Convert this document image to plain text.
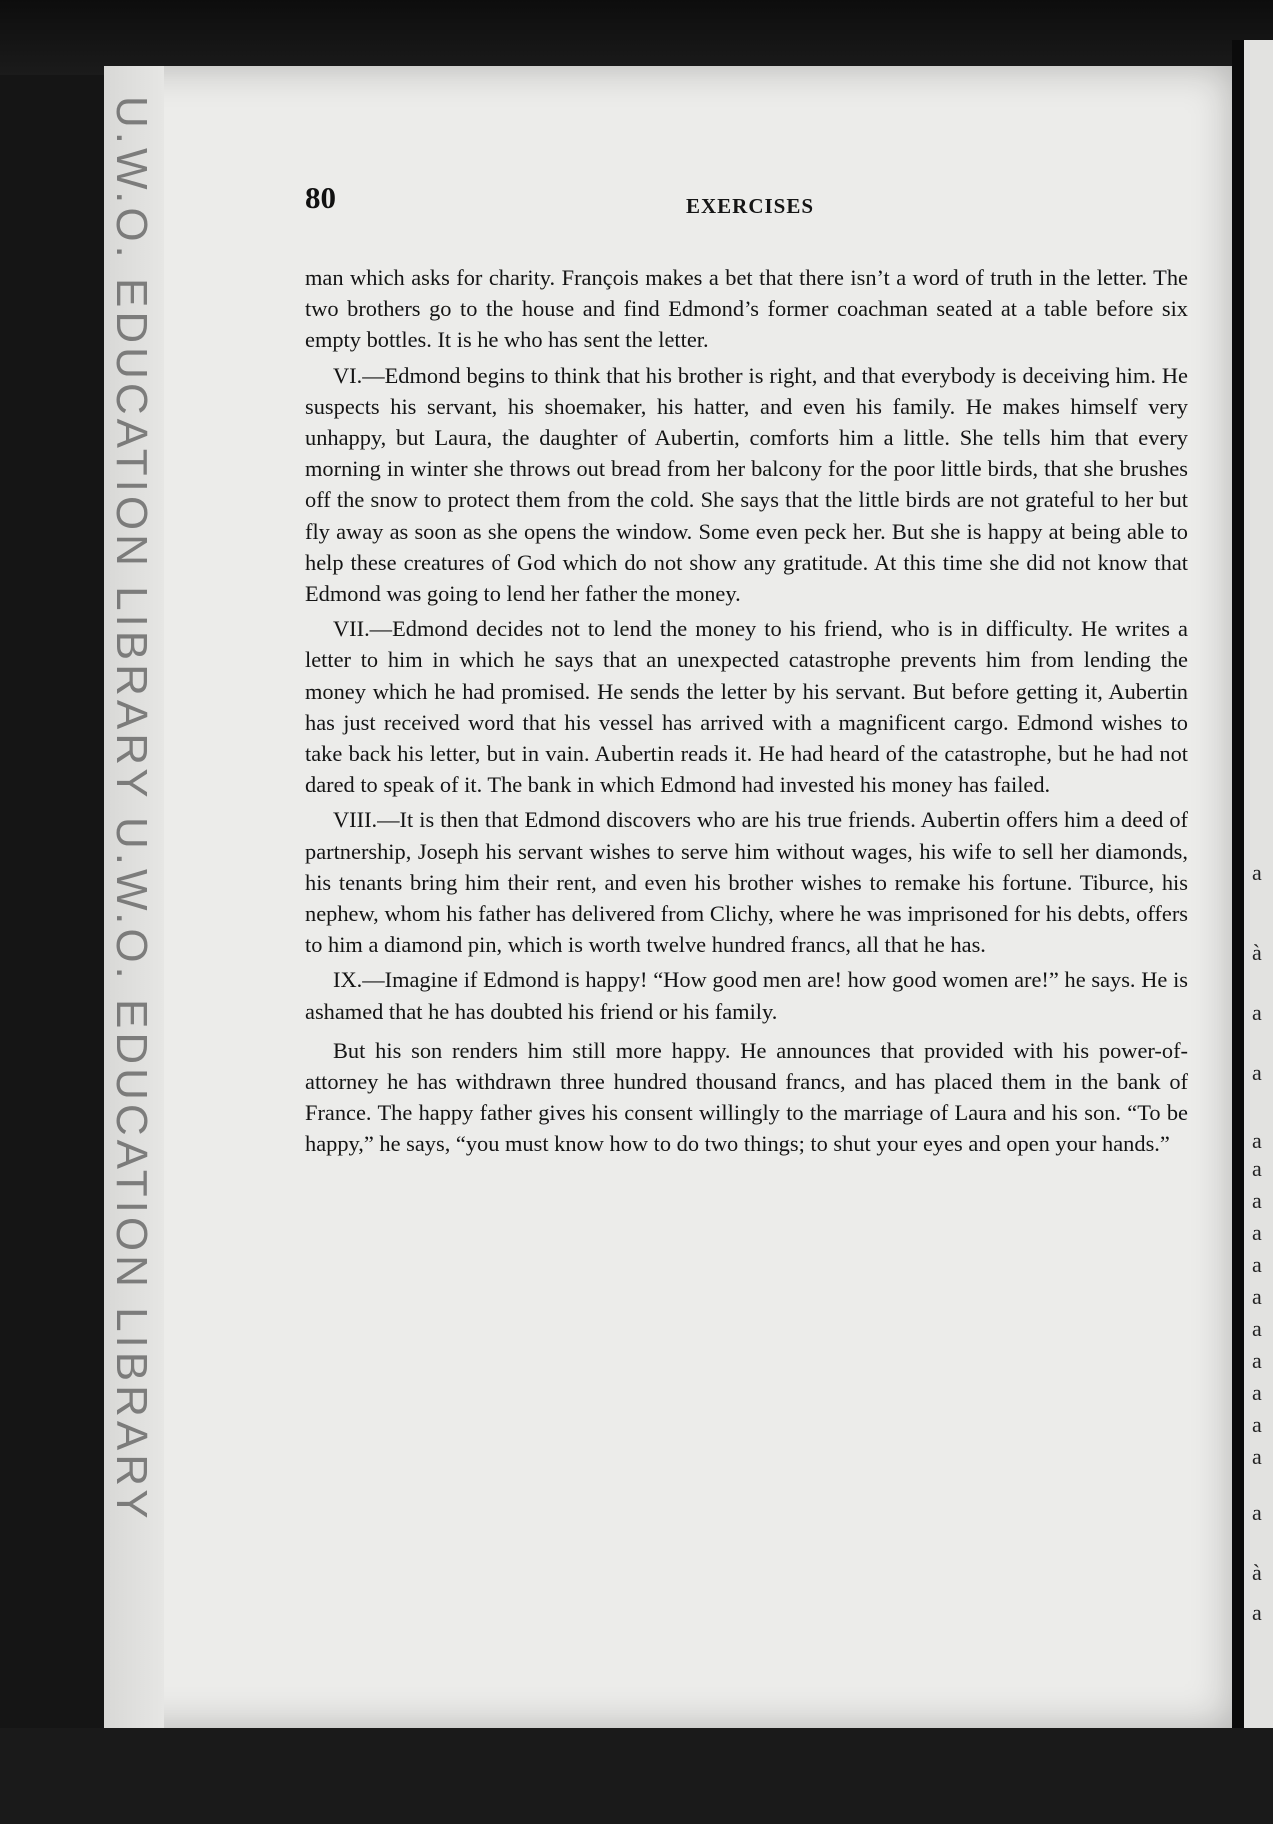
U.W.O. EDUCATION LIBRARY U.W.O. EDUCATION LIBRARY	a
à
a
a
a
a
a
a
a
a
a
a
a
a
a
a
à
a
80	EXERCISES

man which asks for charity. François makes a bet that there isn’t a word of truth in the letter. The two brothers go to the house and find Edmond’s former coachman seated at a table before six empty bottles. It is he who has sent the letter.

VI.—Edmond begins to think that his brother is right, and that everybody is deceiving him. He suspects his servant, his shoemaker, his hatter, and even his family. He makes himself very unhappy, but Laura, the daughter of Aubertin, comforts him a little. She tells him that every morning in winter she throws out bread from her balcony for the poor little birds, that she brushes off the snow to protect them from the cold. She says that the little birds are not grateful to her but fly away as soon as she opens the window. Some even peck her. But she is happy at being able to help these creatures of God which do not show any gratitude. At this time she did not know that Edmond was going to lend her father the money.

VII.—Edmond decides not to lend the money to his friend, who is in difficulty. He writes a letter to him in which he says that an unexpected catastrophe prevents him from lending the money which he had promised. He sends the letter by his servant. But before getting it, Aubertin has just received word that his vessel has arrived with a magnificent cargo. Edmond wishes to take back his letter, but in vain. Aubertin reads it. He had heard of the catastrophe, but he had not dared to speak of it. The bank in which Edmond had invested his money has failed.

VIII.—It is then that Edmond discovers who are his true friends. Aubertin offers him a deed of partnership, Joseph his servant wishes to serve him without wages, his wife to sell her diamonds, his tenants bring him their rent, and even his brother wishes to remake his fortune. Tiburce, his nephew, whom his father has delivered from Clichy, where he was imprisoned for his debts, offers to him a diamond pin, which is worth twelve hundred francs, all that he has.

IX.—Imagine if Edmond is happy! “How good men are! how good women are!” he says. He is ashamed that he has doubted his friend or his family.

But his son renders him still more happy. He announces that provided with his power-of-attorney he has withdrawn three hundred thousand francs, and has placed them in the bank of France. The happy father gives his consent willingly to the marriage of Laura and his son. “To be happy,” he says, “you must know how to do two things; to shut your eyes and open your hands.”
